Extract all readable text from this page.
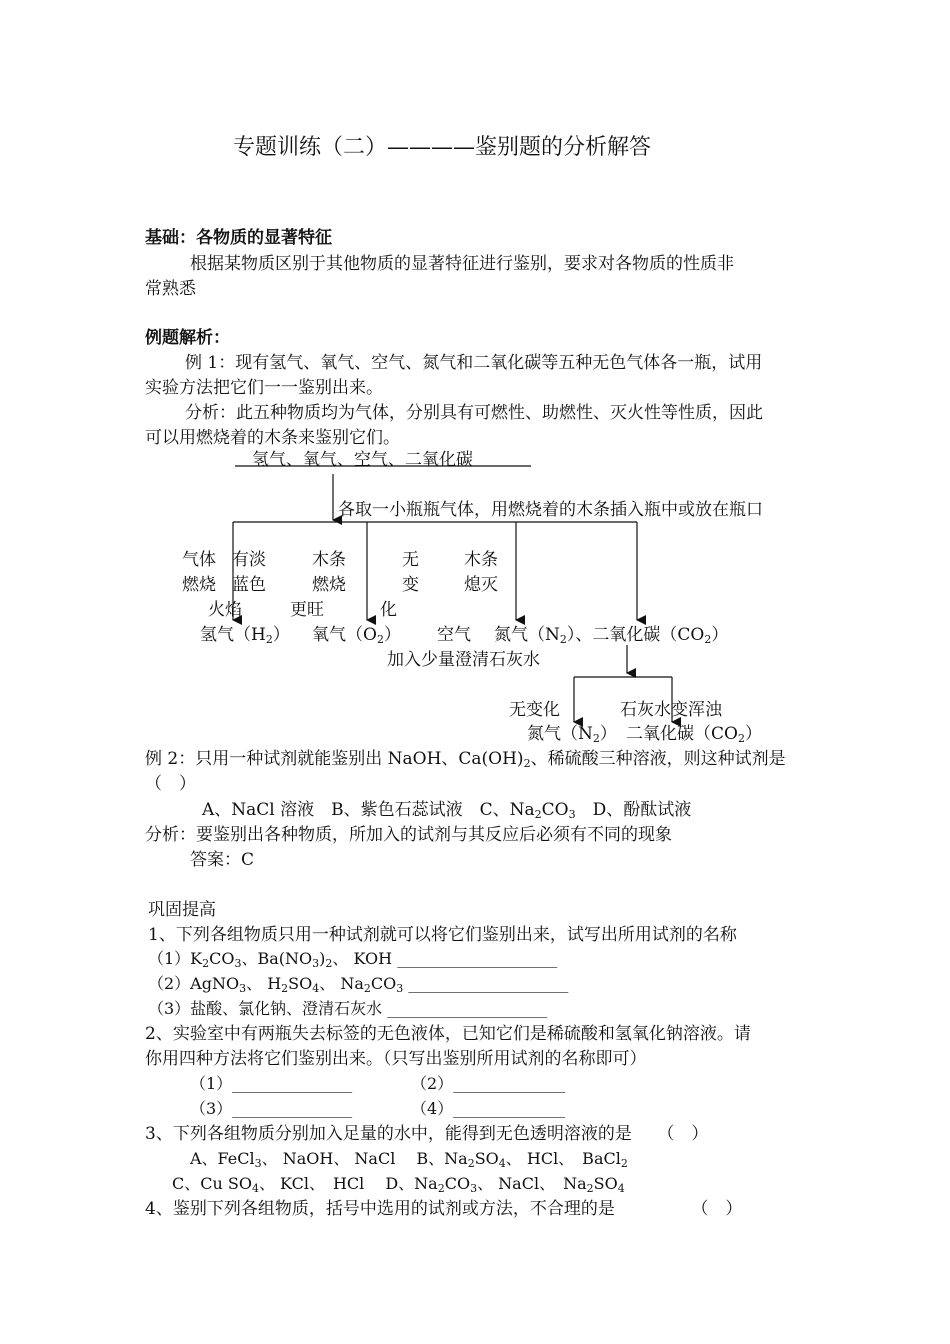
专题训练（二）————鉴别题的分析解答
基础：各物质的显著特征
根据某物质区别于其他物质的显著特征进行鉴别，要求对各物质的性质非
常熟悉
例题解析：
例 1：现有氢气、氧气、空气、氮气和二氧化碳等五种无色气体各一瓶，试用
实验方法把它们一一鉴别出来。
分析：此五种物质均为气体，分别具有可燃性、助燃性、灭火性等性质，因此
可以用燃烧着的木条来鉴别它们。
氢气、氧气、空气、二氧化碳
各取一小瓶瓶气体，用燃烧着的木条插入瓶中或放在瓶口
气体
燃烧
有淡
蓝色
火焰
木条
燃烧
更旺
无
变
化
木条
熄灭
氢气$(H_2)$ 氧气$(O_2)$ 空气 氮气$(N_2)$、二氧化碳$(CO_2)$
加入少量澄清石灰水
无变化	石灰水变浑浊
氮气$(N_2)$ 二氧化碳$(CO_2)$
例 2：只用一种试剂就能鉴别出 NaOH、$Ca(OH)_2$、稀硫酸三种溶液，则这种试剂是
（　）
A、NaCl 溶液　B、紫色石蕊试液　C、$Na_2CO_3$　D、酚酞试液
分析：要鉴别出各种物质，所加入的试剂与其反应后必须有不同的现象
答案：C
巩固提高
1、下列各组物质只用一种试剂就可以将它们鉴别出来，试写出所用试剂的名称
$(1)K_2CO_3$、$Ba(NO_3)_2$、 KOH ____________________
（2）AgNO$_3$、 $H_2SO_4$、 $Na_2CO_3$ ____________________
（3）盐酸、氯化钠、澄清石灰水 ____________________
2、实验室中有两瓶失去标签的无色液体，已知它们是稀硫酸和氢氧化钠溶液。请
你用四种方法将它们鉴别出来。（只写出鉴别所用试剂的名称即可）
（1）_______________	（2）______________
（3）_______________	（4）______________
3、下列各组物质分别加入足量的水中，能得到无色透明溶液的是　　（　）
A、FeCl$_3$、 NaOH、 NaCl　 B、$Na_2SO_4$、 HCl、　BaCl$_2$
C、Cu $SO_4$、 KCl、　HCl　 D、$Na_2CO_3$、 NaCl、　$Na_2SO_4$
4、鉴别下列各组物质，括号中选用的试剂或方法，不合理的是　　　　　（　）
